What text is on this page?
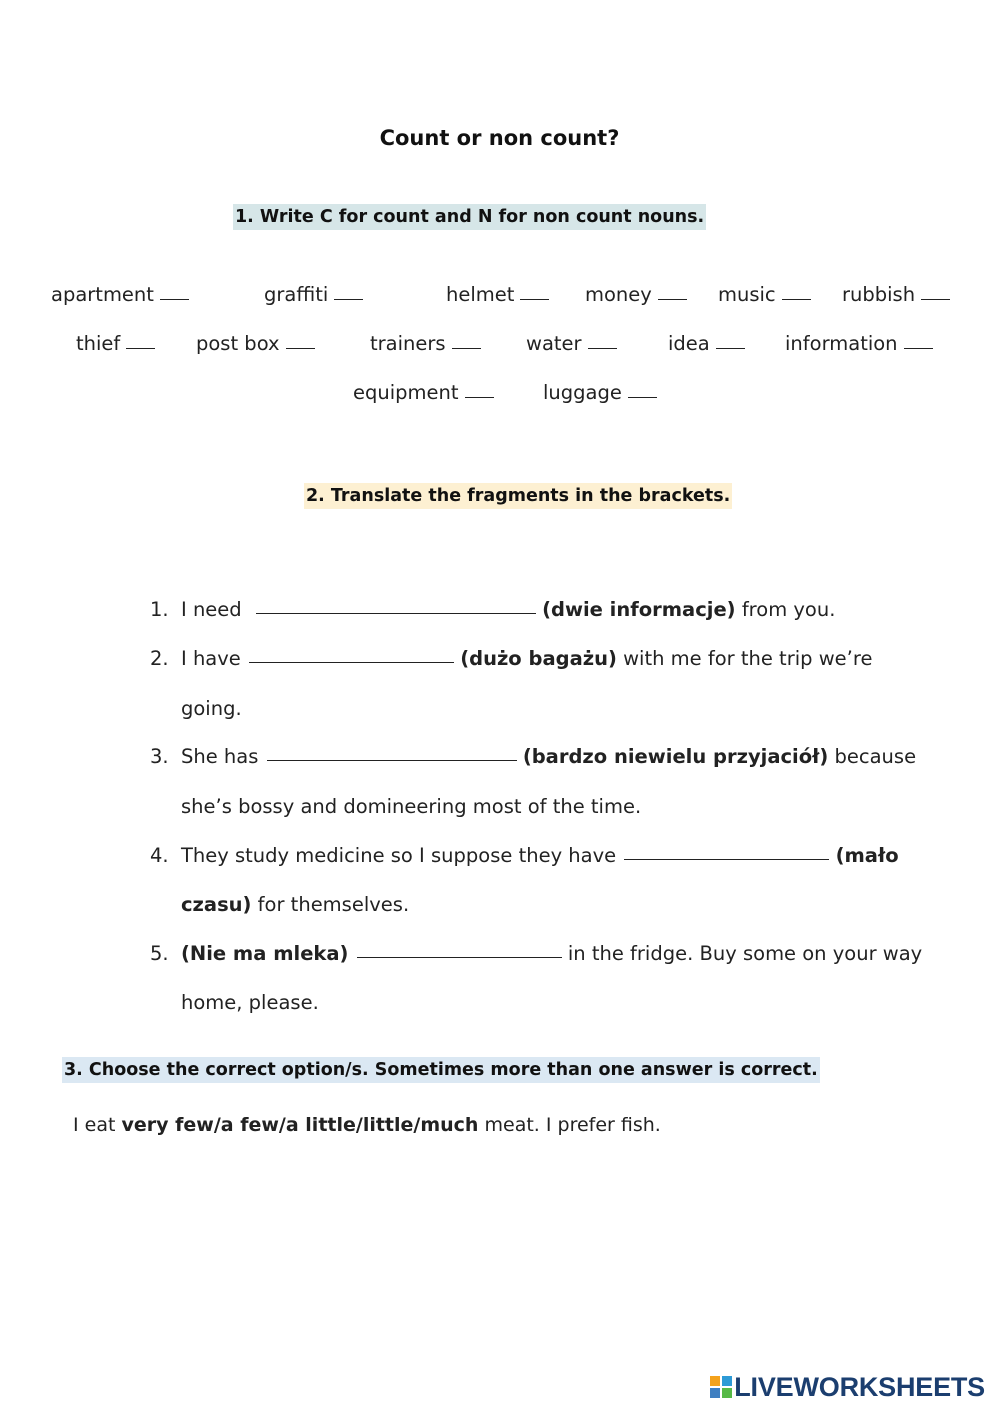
Count or non count?
1. Write C for count and N for non count nouns.
apartment	graffiti	helmet	money	music	rubbish
thief	post box	trainers	water	idea	information
equipment	luggage
2. Translate the fragments in the brackets.
1. I need	(dwie informacje) from you.
2. I have	(dużo bagażu) with me for the trip we’re
going.
3. She has	(bardzo niewielu przyjaciół) because
she’s bossy and domineering most of the time.
4. They study medicine so I suppose they have	(mało
czasu) for themselves.
5. (Nie ma mleka)	in the fridge. Buy some on your way
home, please.
3. Choose the correct option/s. Sometimes more than one answer is correct.
I eat very few/a few/a little/little/much meat. I prefer fish.
LIVEWORKSHEETS
